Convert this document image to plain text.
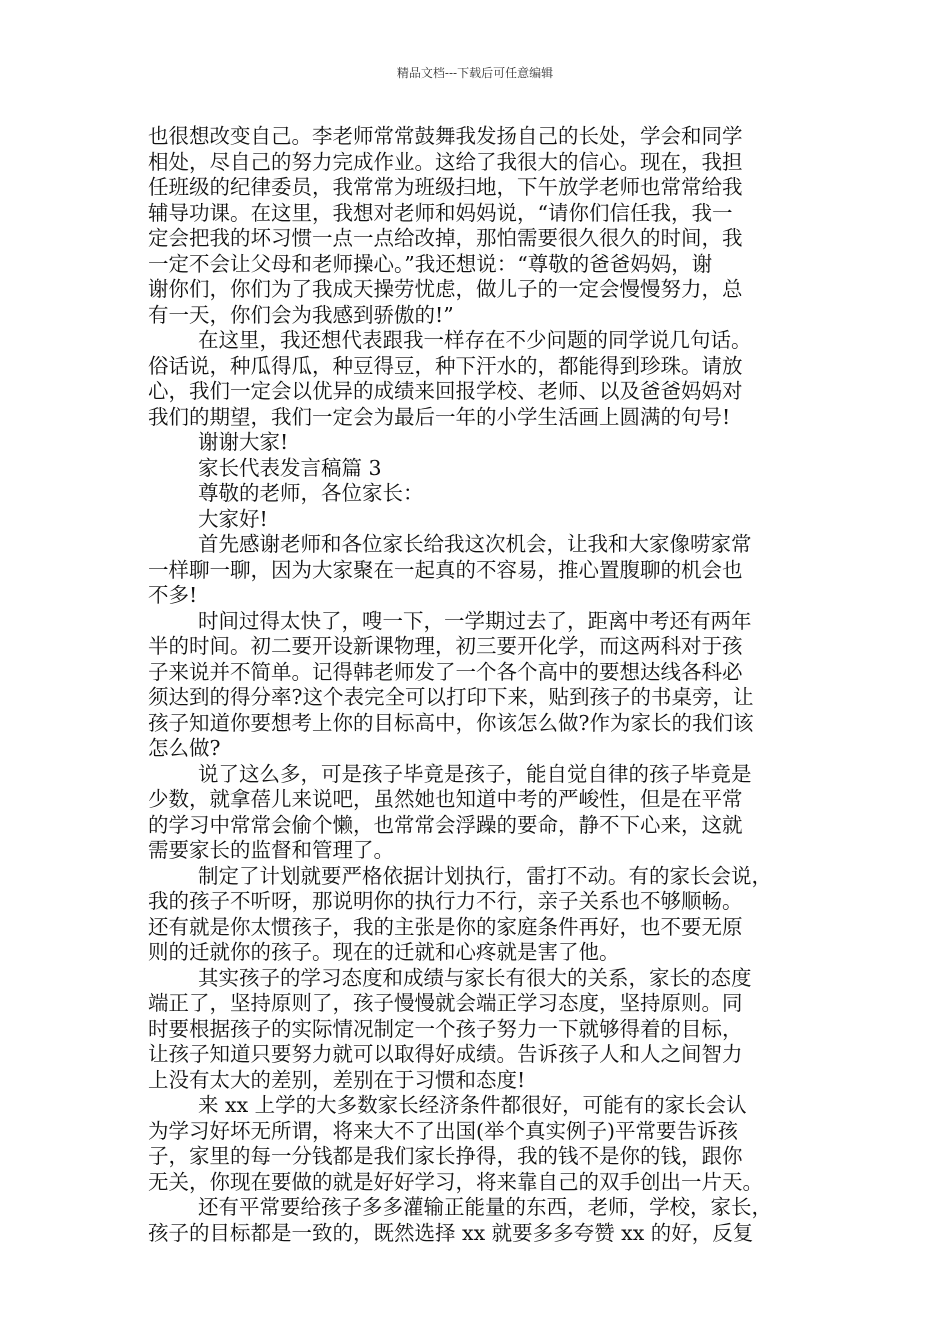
精品文档---下载后可任意编辑
也很想改变自己。李老师常常鼓舞我发扬自己的长处，学会和同学
相处，尽自己的努力完成作业。这给了我很大的信心。现在，我担
任班级的纪律委员，我常常为班级扫地，下午放学老师也常常给我
辅导功课。在这里，我想对老师和妈妈说，“请你们信任我，我一
定会把我的坏习惯一点一点给改掉，那怕需要很久很久的时间，我
一定不会让父母和老师操心。”我还想说：“尊敬的爸爸妈妈，谢
谢你们，你们为了我成天操劳忧虑，做儿子的一定会慢慢努力，总
有一天，你们会为我感到骄傲的!”
在这里，我还想代表跟我一样存在不少问题的同学说几句话。
俗话说，种瓜得瓜，种豆得豆，种下汗水的，都能得到珍珠。请放
心，我们一定会以优异的成绩来回报学校、老师、以及爸爸妈妈对
我们的期望，我们一定会为最后一年的小学生活画上圆满的句号!
谢谢大家!
家长代表发言稿篇 3
尊敬的老师，各位家长：
大家好!
首先感谢老师和各位家长给我这次机会，让我和大家像唠家常
一样聊一聊，因为大家聚在一起真的不容易，推心置腹聊的机会也
不多!
时间过得太快了，嗖一下，一学期过去了，距离中考还有两年
半的时间。初二要开设新课物理，初三要开化学，而这两科对于孩
子来说并不简单。记得韩老师发了一个各个高中的要想达线各科必
须达到的得分率?这个表完全可以打印下来，贴到孩子的书桌旁，让
孩子知道你要想考上你的目标高中，你该怎么做?作为家长的我们该
怎么做?
说了这么多，可是孩子毕竟是孩子，能自觉自律的孩子毕竟是
少数，就拿蓓儿来说吧，虽然她也知道中考的严峻性，但是在平常
的学习中常常会偷个懒，也常常会浮躁的要命，静不下心来，这就
需要家长的监督和管理了。
制定了计划就要严格依据计划执行，雷打不动。有的家长会说，
我的孩子不听呀，那说明你的执行力不行，亲子关系也不够顺畅。
还有就是你太惯孩子，我的主张是你的家庭条件再好，也不要无原
则的迁就你的孩子。现在的迁就和心疼就是害了他。
其实孩子的学习态度和成绩与家长有很大的关系，家长的态度
端正了，坚持原则了，孩子慢慢就会端正学习态度，坚持原则。同
时要根据孩子的实际情况制定一个孩子努力一下就够得着的目标，
让孩子知道只要努力就可以取得好成绩。告诉孩子人和人之间智力
上没有太大的差别，差别在于习惯和态度!
来 xx 上学的大多数家长经济条件都很好，可能有的家长会认
为学习好坏无所谓，将来大不了出国(举个真实例子)平常要告诉孩
子，家里的每一分钱都是我们家长挣得，我的钱不是你的钱，跟你
无关，你现在要做的就是好好学习，将来靠自己的双手创出一片天。
还有平常要给孩子多多灌输正能量的东西，老师，学校，家长，
孩子的目标都是一致的，既然选择 xx 就要多多夸赞 xx 的好，反复
